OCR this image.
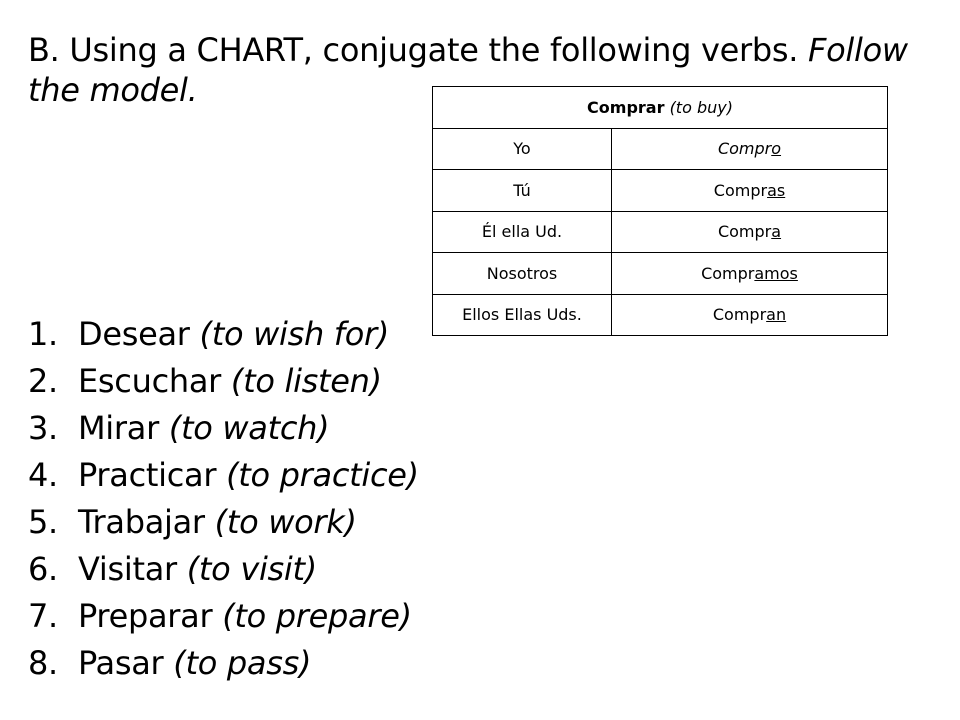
B. Using a CHART, conjugate the following verbs. Follow the model.	Comprar (to buy)	
Yo	Compro
Tú	Compras
Él ella Ud.	Compra
Nosotros	Compramos
Ellos Ellas Uds.	Compran
1. Desear
(to wish for)
2. Escuchar
(to listen)
3. Mirar
(to watch)
4. Practicar
(to practice)
5. Trabajar
(to work)
6. Visitar
(to visit)
7. Preparar
(to prepare)
8. Pasar
(to pass)
